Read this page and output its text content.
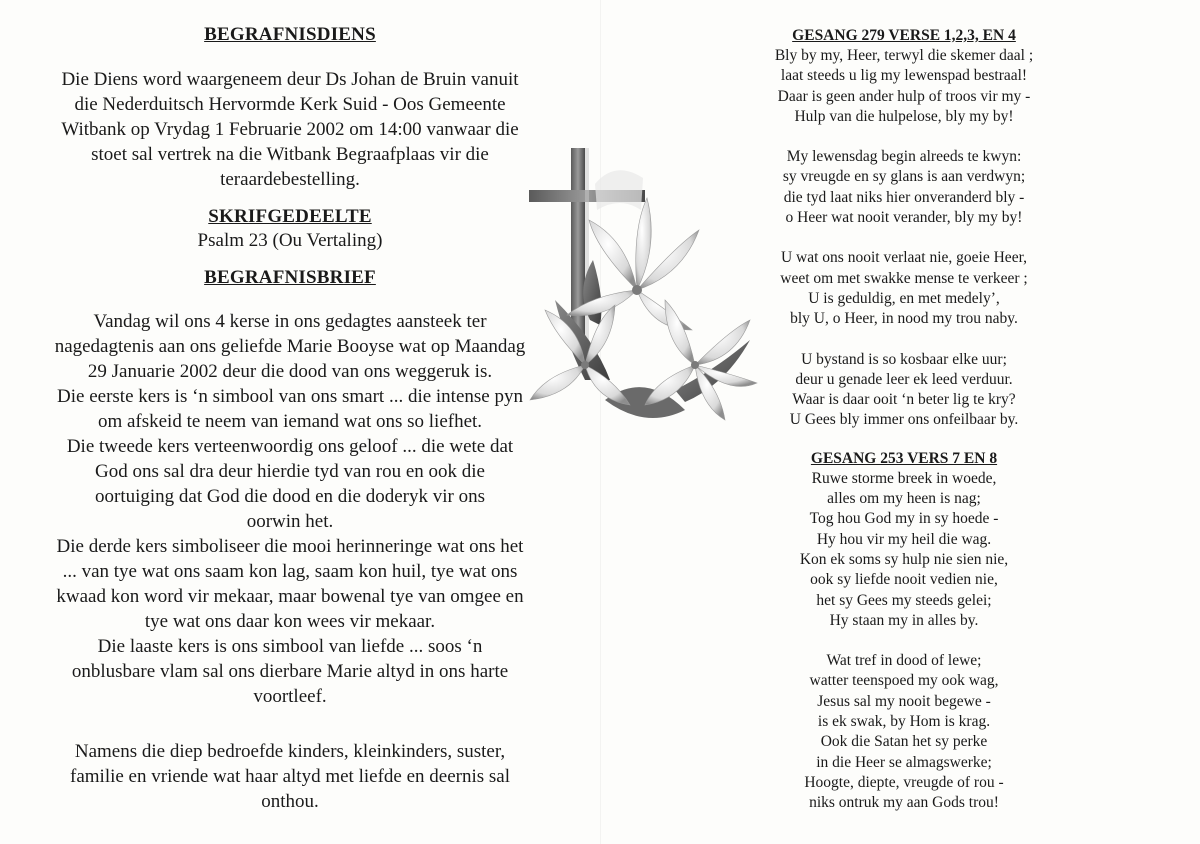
BEGRAFNISDIENS

Die Diens word waargeneem deur Ds Johan de Bruin vanuit
die Nederduitsch Hervormde Kerk Suid - Oos Gemeente
Witbank op Vrydag 1 Februarie 2002 om 14:00 vanwaar die
stoet sal vertrek na die Witbank Begraafplaas vir die
teraardebestelling.

SKRIFGEDEELTE

Psalm 23 (Ou Vertaling)

BEGRAFNISBRIEF

Vandag wil ons 4 kerse in ons gedagtes aansteek ter
nagedagtenis aan ons geliefde Marie Booyse wat op Maandag
29 Januarie 2002 deur die dood van ons weggeruk is.
Die eerste kers is ‘n simbool van ons smart ... die intense pyn
om afskeid te neem van iemand wat ons so liefhet.
Die tweede kers verteenwoordig ons geloof ... die wete dat
God ons sal dra deur hierdie tyd van rou en ook die
oortuiging dat God die dood en die doderyk vir ons
oorwin het.
Die derde kers simboliseer die mooi herinneringe wat ons het
... van tye wat ons saam kon lag, saam kon huil, tye wat ons
kwaad kon word vir mekaar, maar bowenal tye van omgee en
tye wat ons daar kon wees vir mekaar.
Die laaste kers is ons simbool van liefde ... soos ‘n
onblusbare vlam sal ons dierbare Marie altyd in ons harte
voortleef.
Namens die diep bedroefde kinders, kleinkinders, suster,
familie en vriende wat haar altyd met liefde en deernis sal
onthou.

GESANG 279 VERSE 1,2,3, EN 4

Bly by my, Heer, terwyl die skemer daal ;
laat steeds u lig my lewenspad bestraal!
Daar is geen ander hulp of troos vir my -
Hulp van die hulpelose, bly my by!
My lewensdag begin alreeds te kwyn:
sy vreugde en sy glans is aan verdwyn;
die tyd laat niks hier onveranderd bly -
o Heer wat nooit verander, bly my by!
U wat ons nooit verlaat nie, goeie Heer,
weet om met swakke mense te verkeer ;
U is geduldig, en met medely’,
bly U, o Heer, in nood my trou naby.
U bystand is so kosbaar elke uur;
deur u genade leer ek leed verduur.
Waar is daar ooit ‘n beter lig te kry?
U Gees bly immer ons onfeilbaar by.

GESANG 253 VERS 7 EN 8

Ruwe storme breek in woede,
alles om my heen is nag;
Tog hou God my in sy hoede -
Hy hou vir my heil die wag.
Kon ek soms sy hulp nie sien nie,
ook sy liefde nooit vedien nie,
het sy Gees my steeds gelei;
Hy staan my in alles by.
Wat tref in dood of lewe;
watter teenspoed my ook wag,
Jesus sal my nooit begewe -
is ek swak, by Hom is krag.
Ook die Satan het sy perke
in die Heer se almagswerke;
Hoogte, diepte, vreugde of rou -
niks ontruk my aan Gods trou!
